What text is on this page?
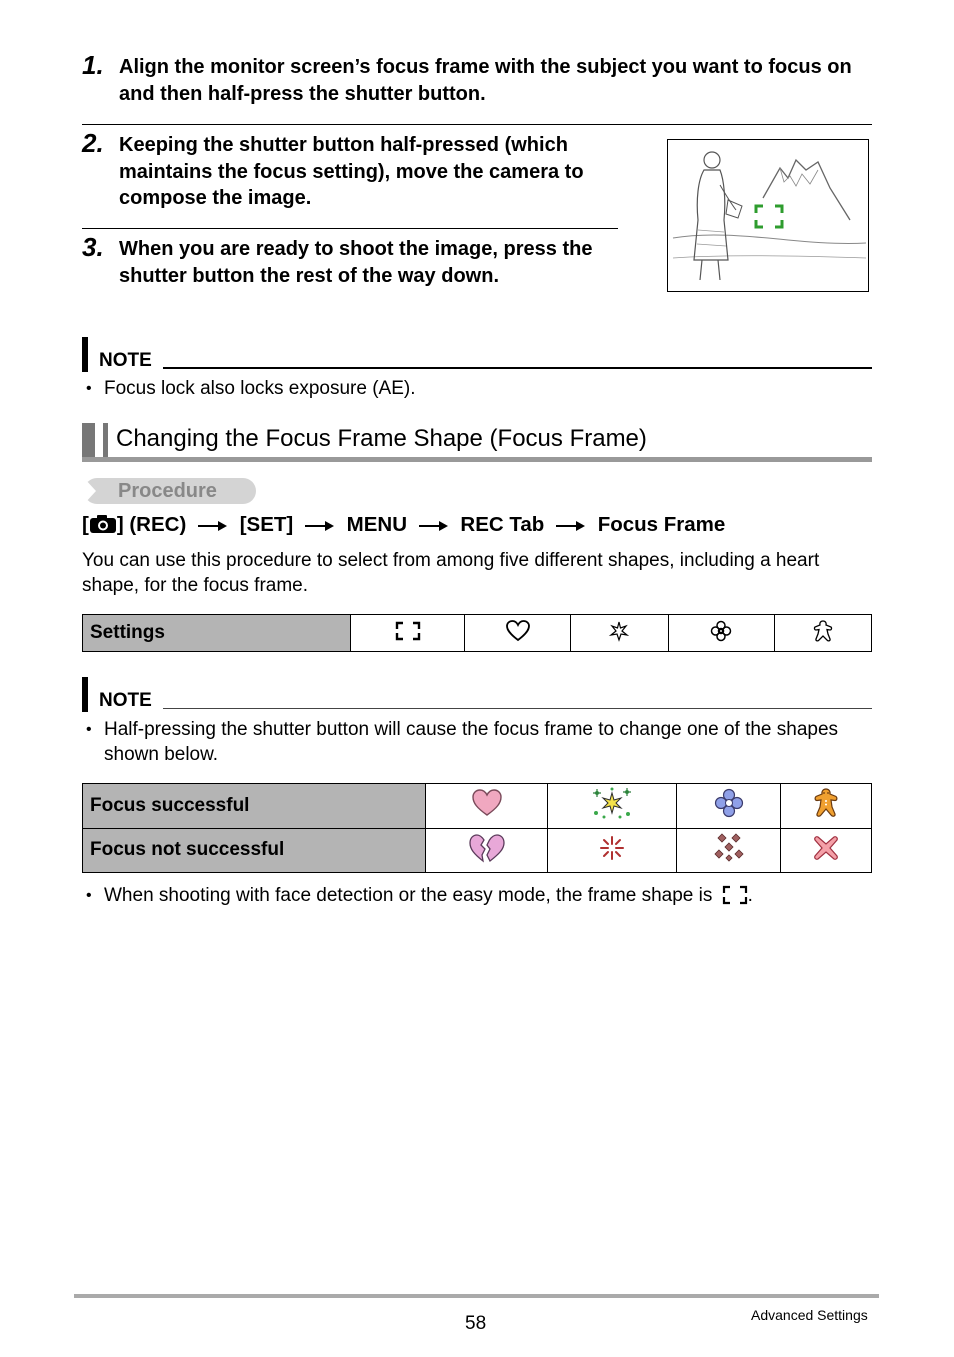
1. Align the monitor screen’s focus frame with the subject you want to focus on and then half-press the shutter button.
2. Keeping the shutter button half-pressed (which maintains the focus setting), move the camera to compose the image.
3. When you are ready to shoot the image, press the shutter button the rest of the way down.
NOTE
• Focus lock also locks exposure (AE).
Changing the Focus Frame Shape (Focus Frame)
Procedure
[ ] (REC)	[SET]	MENU	REC Tab	Focus Frame
You can use this procedure to select from among five different shapes, including a heart shape, for the focus frame.
Settings					
NOTE
• Half-pressing the shutter button will cause the focus frame to change one of the shapes shown below.
Focus successful				
Focus not successful				
• When shooting with face detection or the easy mode, the frame shape is .
58	Advanced Settings
